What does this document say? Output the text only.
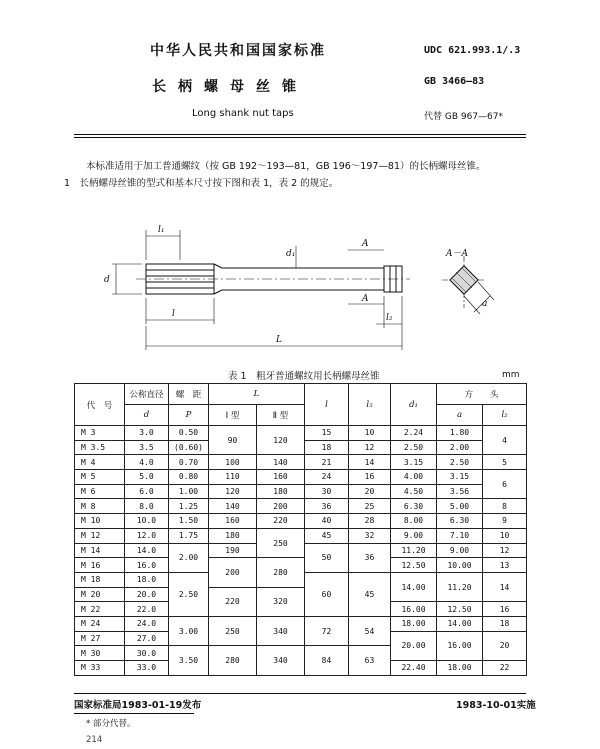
中华人民共和国国家标准	UDC 621.993.1/.3
长柄螺母丝锥	GB 3466—83
Long shank nut taps	代替 GB 967—67*
本标准适用于加工普通螺纹（按 GB 192～193—81，GB 196～197—81）的长柄螺母丝锥。
1　长柄螺母丝锥的型式和基本尺寸按下图和表 1，表 2 的规定。
l₁
d
d₁
l
L
A
A
l₂
A－A
a
表 1　粗牙普通螺纹用长柄螺母丝锥	mm
代　号	公称直径	螺　距	L		l	l₅	d₁	方　　头	
	d	P	Ⅰ 型	Ⅱ 型				a	l₂
M 3	3.0	0.50	90	120	15	10	2.24	1.80	4
M 3.5	3.5	(0.60)			18	12	2.50	2.00	
M 4	4.0	0.70	100	140	21	14	3.15	2.50	5
M 5	5.0	0.80	110	160	24	16	4.00	3.15	6
M 6	6.0	1.00	120	180	30	20	4.50	3.56	
M 8	8.0	1.25	140	200	36	25	6.30	5.00	8
M 10	10.0	1.50	160	220	40	28	8.00	6.30	9
M 12	12.0	1.75	180	250	45	32	9.00	7.10	10
M 14	14.0	2.00	190		50	36	11.20	9.00	12
M 16	16.0		200	280			12.50	10.00	13
M 18	18.0	2.50			60	45	14.00	11.20	14
M 20	20.0		220	320					
M 22	22.0						16.00	12.50	16
M 24	24.0	3.00	250	340	72	54	18.00	14.00	18
M 27	27.0						20.00	16.00	20
M 30	30.0	3.50	280	340	84	63			
M 33	33.0						22.40	18.00	22
国家标准局1983-01-19发布	1983-10-01实施
* 部分代替。
214
